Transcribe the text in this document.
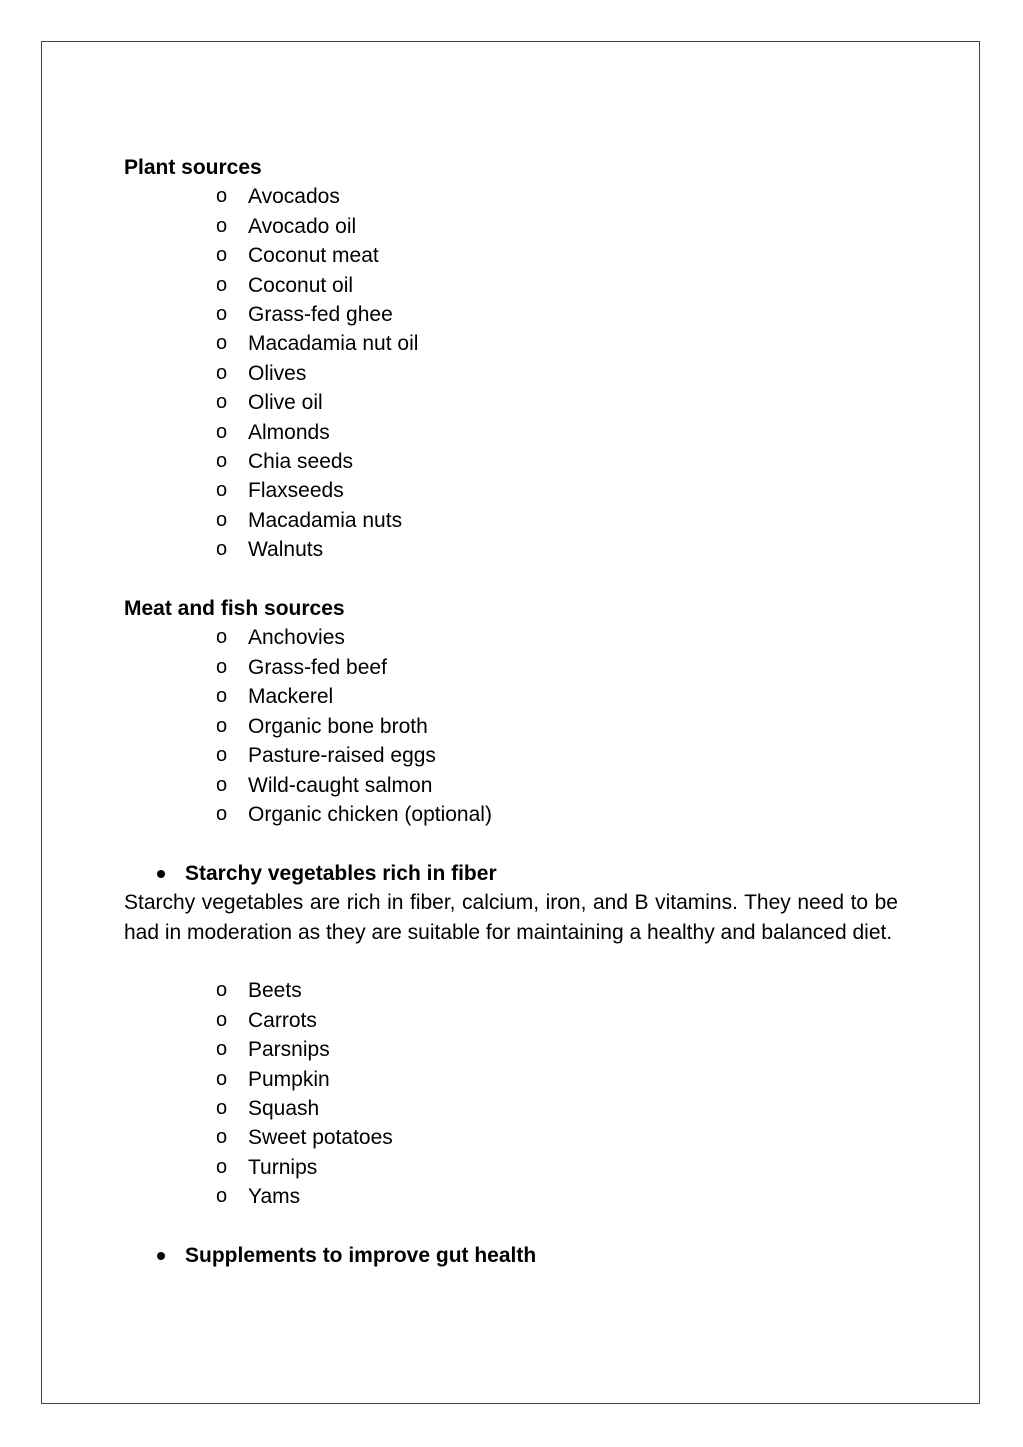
Plant sources

o Avocados
o Avocado oil
o Coconut meat
o Coconut oil
o Grass-fed ghee
o Macadamia nut oil
o Olives
o Olive oil
o Almonds
o Chia seeds
o Flaxseeds
o Macadamia nuts
o Walnuts

Meat and fish sources

o Anchovies
o Grass-fed beef
o Mackerel
o Organic bone broth
o Pasture-raised eggs
o Wild-caught salmon
o Organic chicken (optional)
Starchy vegetables rich in fiber

Starchy vegetables are rich in fiber, calcium, iron, and B vitamins. They need to be had in moderation as they are suitable for maintaining a healthy and balanced diet.

o Beets
o Carrots
o Parsnips
o Pumpkin
o Squash
o Sweet potatoes
o Turnips
o Yams
Supplements to improve gut health
